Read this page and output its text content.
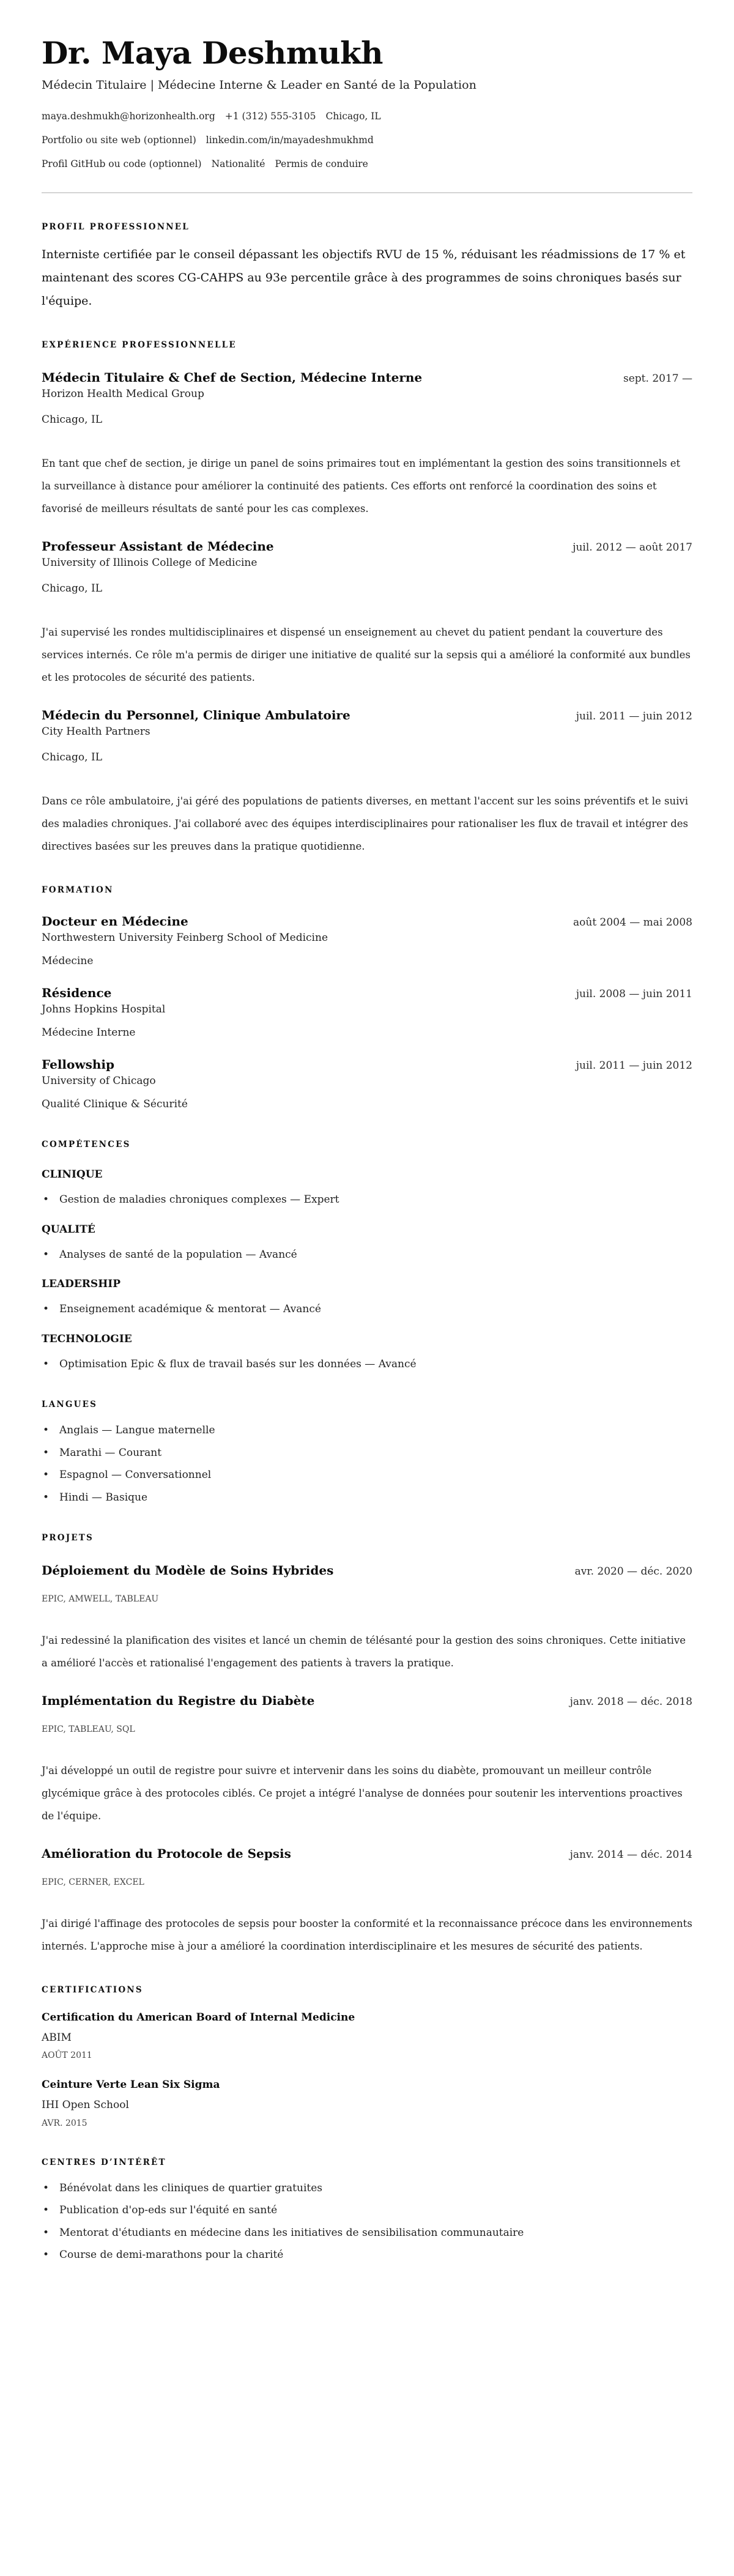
Dr. Maya Deshmukh
Médecin Titulaire | Médecine Interne & Leader en Santé de la Population
maya.deshmukh@horizonhealth.org +1 (312) 555-3105 Chicago, IL
Portfolio ou site web (optionnel) linkedin.com/in/mayadeshmukhmd
Profil GitHub ou code (optionnel) Nationalité Permis de conduire
PROFIL PROFESSIONNEL

Interniste certifiée par le conseil dépassant les objectifs RVU de 15 %, réduisant les réadmissions de 17 % et maintenant des scores CG-CAHPS au 93e percentile grâce à des programmes de soins chroniques basés sur l'équipe.

EXPÉRIENCE PROFESSIONNELLE
Médecin Titulaire & Chef de Section, Médecine Interne	sept. 2017 —
Horizon Health Medical Group
Chicago, IL

En tant que chef de section, je dirige un panel de soins primaires tout en implémentant la gestion des soins transitionnels et la surveillance à distance pour améliorer la continuité des patients. Ces efforts ont renforcé la coordination des soins et favorisé de meilleurs résultats de santé pour les cas complexes.

Professeur Assistant de Médecine	juil. 2012 — août 2017
University of Illinois College of Medicine
Chicago, IL

J'ai supervisé les rondes multidisciplinaires et dispensé un enseignement au chevet du patient pendant la couverture des services internés. Ce rôle m'a permis de diriger une initiative de qualité sur la sepsis qui a amélioré la conformité aux bundles et les protocoles de sécurité des patients.

Médecin du Personnel, Clinique Ambulatoire	juil. 2011 — juin 2012
City Health Partners
Chicago, IL

Dans ce rôle ambulatoire, j'ai géré des populations de patients diverses, en mettant l'accent sur les soins préventifs et le suivi des maladies chroniques. J'ai collaboré avec des équipes interdisciplinaires pour rationaliser les flux de travail et intégrer des directives basées sur les preuves dans la pratique quotidienne.

FORMATION
Docteur en Médecine	août 2004 — mai 2008
Northwestern University Feinberg School of Medicine
Médecine
Résidence	juil. 2008 — juin 2011
Johns Hopkins Hospital
Médecine Interne
Fellowship	juil. 2011 — juin 2012
University of Chicago
Qualité Clinique & Sécurité
COMPÉTENCES
CLINIQUE
• Gestion de maladies chroniques complexes — Expert
QUALITÉ
• Analyses de santé de la population — Avancé
LEADERSHIP
• Enseignement académique & mentorat — Avancé
TECHNOLOGIE
• Optimisation Epic & flux de travail basés sur les données — Avancé
LANGUES
• Anglais — Langue maternelle
• Marathi — Courant
• Espagnol — Conversationnel
• Hindi — Basique
PROJETS
Déploiement du Modèle de Soins Hybrides	avr. 2020 — déc. 2020
EPIC, AMWELL, TABLEAU

J'ai redessiné la planification des visites et lancé un chemin de télésanté pour la gestion des soins chroniques. Cette initiative a amélioré l'accès et rationalisé l'engagement des patients à travers la pratique.

Implémentation du Registre du Diabète	janv. 2018 — déc. 2018
EPIC, TABLEAU, SQL

J'ai développé un outil de registre pour suivre et intervenir dans les soins du diabète, promouvant un meilleur contrôle glycémique grâce à des protocoles ciblés. Ce projet a intégré l'analyse de données pour soutenir les interventions proactives de l'équipe.

Amélioration du Protocole de Sepsis	janv. 2014 — déc. 2014
EPIC, CERNER, EXCEL

J'ai dirigé l'affinage des protocoles de sepsis pour booster la conformité et la reconnaissance précoce dans les environnements internés. L'approche mise à jour a amélioré la coordination interdisciplinaire et les mesures de sécurité des patients.

CERTIFICATIONS
Certification du American Board of Internal Medicine
ABIM
AOÛT 2011
Ceinture Verte Lean Six Sigma
IHI Open School
AVR. 2015
CENTRES D’INTÉRÊT
• Bénévolat dans les cliniques de quartier gratuites
• Publication d'op-eds sur l'équité en santé
• Mentorat d'étudiants en médecine dans les initiatives de sensibilisation communautaire
• Course de demi-marathons pour la charité
